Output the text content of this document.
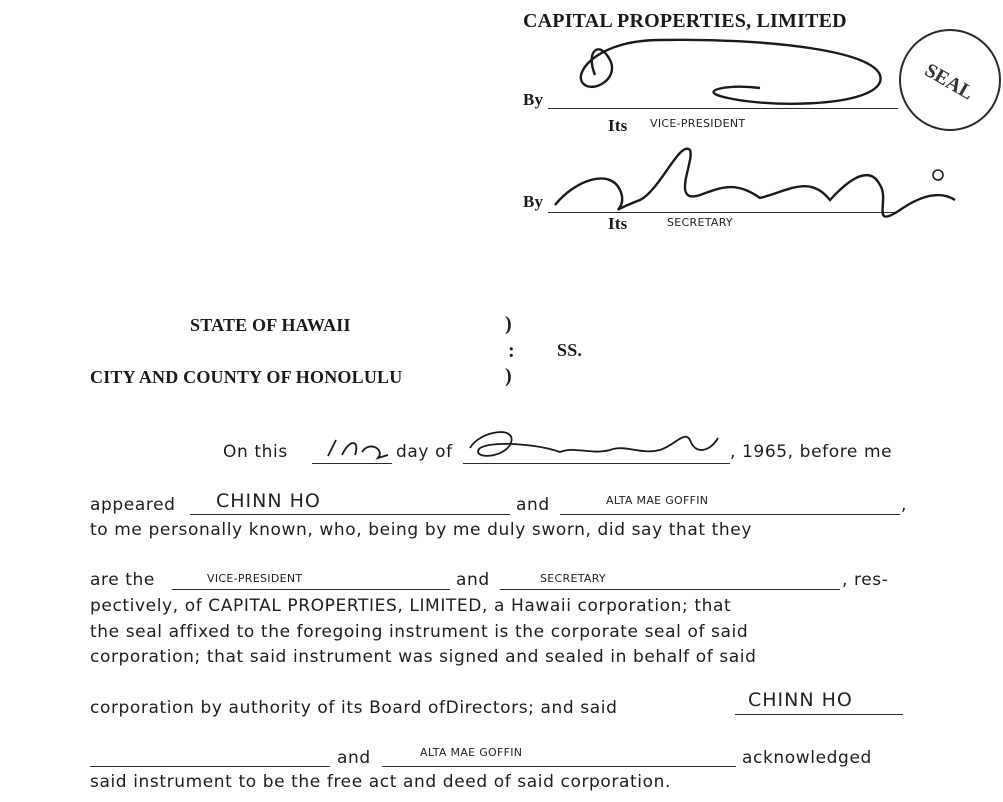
CAPITAL PROPERTIES, LIMITED
SEAL
By
Its VICE-PRESIDENT
By
Alta Mae Goffin
Its	SECRETARY
STATE OF HAWAII	)
: SS.
CITY AND COUNTY OF HONOLULU	)
On this	day of	, 1965, before me
appeared CHINN HO	and	ALTA MAE GOFFIN	,
to me personally known, who, being by me duly sworn, did say that they
are the	VICE-PRESIDENT	and	SECRETARY	, res-
pectively, of CAPITAL PROPERTIES, LIMITED, a Hawaii corporation; that
the seal affixed to the foregoing instrument is the corporate seal of said
corporation; that said instrument was signed and sealed in behalf of said
corporation by authority of its Board ofDirectors; and said	CHINN HO
and	ALTA MAE GOFFIN	acknowledged
said instrument to be the free act and deed of said corporation.
